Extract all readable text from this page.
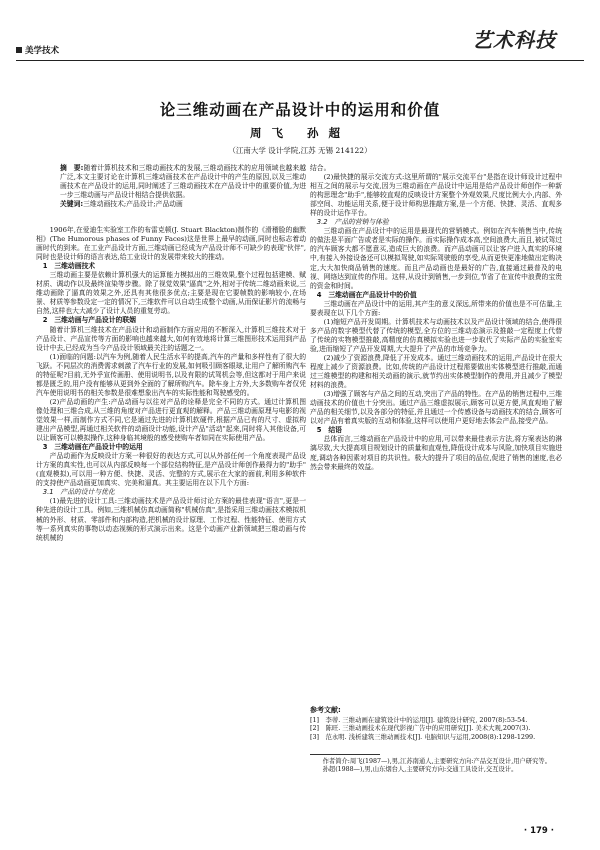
美学技术	艺术科技
论三维动画在产品设计中的运用和价值
周飞 孙超
（江南大学 设计学院,江苏 无锡 214122）

摘　要:随着计算机技术和三维动画技术的发展,三维动画技术的应用领域也越来越广泛,本文主要讨论在计算机三维动画技术在产品设计中的产生的原因,以及三维动画技术在产品设计的运用,同时阐述了三维动画技术在产品设计中的重要价值,为进一步三维动画与产品设计相结合提供依据。

关键词:三维动画技术;产品设计;产品动画

1906年,在爱迪生实验室工作的布雷克顿(J. Stuart Blackton)制作的《滑稽脸的幽默相》(The Humorous phases of Funny Faces)这是世界上最早的动画,同时也标志着动画时代的到来。在工业产品设计方面,三维动画已经成为产品设计师不可缺少的表现"伙伴",同时也是设计师的语言表达,给工业设计的发展带来较大的推动。

1　三维动画技术

三维动画主要是依赖计算机强大的运算能力模拟出的三维效果,整个过程包括建模、赋材质、调动作以及最终渲染等步骤。除了视觉效果"逼真"之外,相对于传统二维动画来说,三维动画除了逼真的效果之外,还具有其他很多优点;主要是现在它要帧数的影响较小,在场景、材质等参数设定一定的情况下,三维软件可以自动生成整个动画,从而保证影片的流畅与自然,这样也大大减少了设计人员的重复劳动。

2　三维动画与产品设计的联姻

随着计算机三维技术在产品设计和动画制作方面应用的不断深入,计算机三维技术对于产品设计、产品宣传等方面的影响也越来越大,如何有效地将计算三维图形技术运用到产品设计中去,已经成为当今产品设计领域最关注的话题之一。

(1)面临的问题:以汽车为例,随着人民生活水平的提高,汽车的产量和多样性有了很大的飞跃。不同层次的消费需求刺激了汽车行业的发展,如何吸引顾客眼球,让用户了解所购汽车的特征呢?目前,无外乎宣传画册、使用说明书,以及有限的试驾机会等,但这都对于用户来说都是匮乏的,用户没有能够从更到外全面的了解所购汽车。除车身上方外,大多数购车者仅凭汽车使用说明书的相关参数是很难想象出汽车的实际性能和驾驶感受的。

(2)产品动画的产生:产品动画与以往对产品的诠释是完全不同的方式。通过计算机图像处理和三维合成,从三维的角度对产品进行更直观的解释。产品三维动画原理与电影的视觉效果一样,而制作方式不同,它是通过先进的计算机软硬件,根据产品已有的尺寸、虚拟构建出产品模型,再通过相关软件的动画设计功能,设计产品"活动"起来,同时将入其他设备,可以让顾客可以模拟操作,这种身临其境般的感受使购车者如同在实际使用产品。

3　三维动画在产品设计中的运用

产品动画作为反映设计方案一种很好的表达方式,可以从外部任何一个角度表现产品设计方案的真实性,也可以从内部反映每一个部位结构特征,是产品设计师创作最得力的"助手"(直观模拟),可以用一种方便、快捷、灵活、完整的方式,展示在大家的面前,利用多种软件的支持使产品动画更加真实、完美和逼真。其主要运用在以下几个方面:

3.1　产品的设计与优化

(1)最先进的设计工具:三维动画技术是产品设计师讨论方案的最佳表现"语言",更是一种先进的设计工具。例如,三维机械仿真动画简称"机械仿真",是指采用三维动画技术模拟机械的外形、材质、零部件和内部构造,把机械的设计原理、工作过程、性能特征、使用方式等一系列真实的事物以动态视频的形式演示出来。这是个动画产业新领域把三维动画与传统机械的

结合。

(2)最快捷的展示交流方式:这里所谓的"展示交流平台"是指在设计师设计过程中相互之间的展示与交流,因为三维动画在产品设计中运用是给产品设计师创作一种新的构思理念"助手",能够较直观的反映设计方案整个外观效果,尺度比例大小,内部、外部空间、功能运用关系,便于设计师构思推敲方案,是一个方便、快捷、灵活、直观多样的设计运作平台。

3.2　产品的营销与体验

三维动画在产品设计中的运用是最现代的营销模式。例如在汽车销售当中,传统的做法是平面广告或者是实际的操作。而实际操作成本高,空间浪费大,而且,被试驾过的汽车顾客大都不愿意买,造成巨大的浪费。而产品动画可以让客户进入真实的环境中,有接入外接设备还可以模拟驾驶,如实际驾驶般的享受,从而更快更准地做出定购决定,大大加快商品销售的速度。而且产品动画也是最好的广告,直接通过最普及的电视、网络达到宣传的作用。这样,从设计到销售,一步到位,节省了在宣传中浪费的宝贵的资金和时间。

4　三维动画在产品设计中的价值

三维动画在产品设计中的运用,其产生的意义深远,所带来的价值也是不可估量,主要表现在以下几个方面:

(1)缩短产品开发周期。计算机技术与动画技术以及产品设计领域的结合,使得很多产品的数字模型代替了传统的模型,全方位的三维动态演示及推敲一定程度上代替了传统的实物模型推敲,高精度的仿真模拟实验也进一步取代了实际产品的实验室实验,进而缩短了产品开发周期,大大提升了产品的市场竞争力。

(2)减少了资源浪费,降低了开发成本。通过三维动画技术的运用,产品设计在很大程度上减少了资源浪费。比如,传统的产品设计过程需要做出实体模型进行推敲,而通过三维模型的构建和相关动画的演示,就节约出实体模型制作的费用,并且减少了模型材料的浪费。

(3)增强了顾客与产品之间的互动,突出了产品的特性。在产品的销售过程中,三维动画技术的价值也十分突出。通过产品三维虚拟展示,顾客可以更方便,风直观地了解产品的相关细节,以及各部分的特征,并且通过一个传感设备与动画技术的结合,顾客可以对产品有着真实版的互动和体验,这样可以使用户更好地去体会产品,接受产品。

5　结语

总体而言,三维动画在产品设计中的应用,可以带来最佳表示方法,将方案表达的淋漓尽致,大大提高项目规划设计的质量和直观性,降低设计成本与风险,加快项目实施进度,调动各种因素对项目的共识性。极大的提升了项目的品位,促进了销售的速度,也必然会带来最终的效益。

参考文献:
[1]　李蒂. 三维动画在建筑设计中的运用[J]. 建筑设计研究, 2007(8):53-54.
[2]　陈旺. 三维动画技术在现代影视广告中的应用研究[J]. 美术大观,2007(3).
[3]　范永明. 浅析建筑三维动画技术[J]. 电脑知识与运用,2008(8):1298-1299.

作者简介:周飞(1987—),男,江苏南通人,主要研究方向:产品交互设计,用户研究等。

孙超(1988—),男,山东烟台人,主要研究方向:交通工具设计,交互设计。

· 179 ·
